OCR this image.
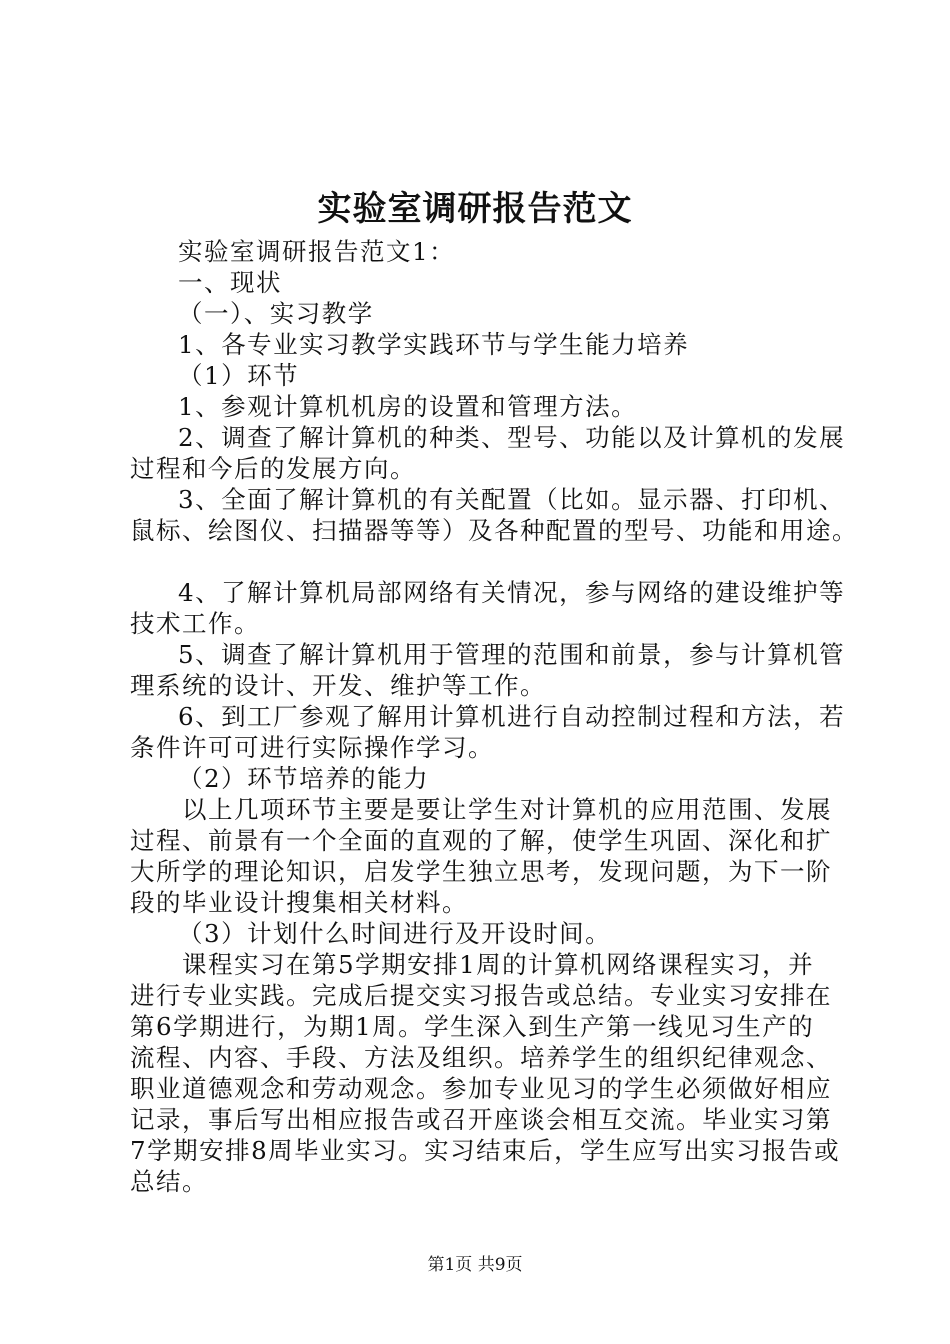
实验室调研报告范文
实验室调研报告范文1：
一、现状
（一）、实习教学
1、各专业实习教学实践环节与学生能力培养
（1）环节
1、参观计算机机房的设置和管理方法。
2、调查了解计算机的种类、型号、功能以及计算机的发展
过程和今后的发展方向。
3、全面了解计算机的有关配置（比如。显示器、打印机、
鼠标、绘图仪、扫描器等等）及各种配置的型号、功能和用途。
4、了解计算机局部网络有关情况，参与网络的建设维护等
技术工作。
5、调查了解计算机用于管理的范围和前景，参与计算机管
理系统的设计、开发、维护等工作。
6、到工厂参观了解用计算机进行自动控制过程和方法，若
条件许可可进行实际操作学习。
（2）环节培养的能力
以上几项环节主要是要让学生对计算机的应用范围、发展
过程、前景有一个全面的直观的了解，使学生巩固、深化和扩
大所学的理论知识，启发学生独立思考，发现问题，为下一阶
段的毕业设计搜集相关材料。
（3）计划什么时间进行及开设时间。
课程实习在第5学期安排1周的计算机网络课程实习，并
进行专业实践。完成后提交实习报告或总结。专业实习安排在
第6学期进行，为期1周。学生深入到生产第一线见习生产的
流程、内容、手段、方法及组织。培养学生的组织纪律观念、
职业道德观念和劳动观念。参加专业见习的学生必须做好相应
记录，事后写出相应报告或召开座谈会相互交流。毕业实习第
7学期安排8周毕业实习。实习结束后，学生应写出实习报告或
总结。
第1页 共9页
